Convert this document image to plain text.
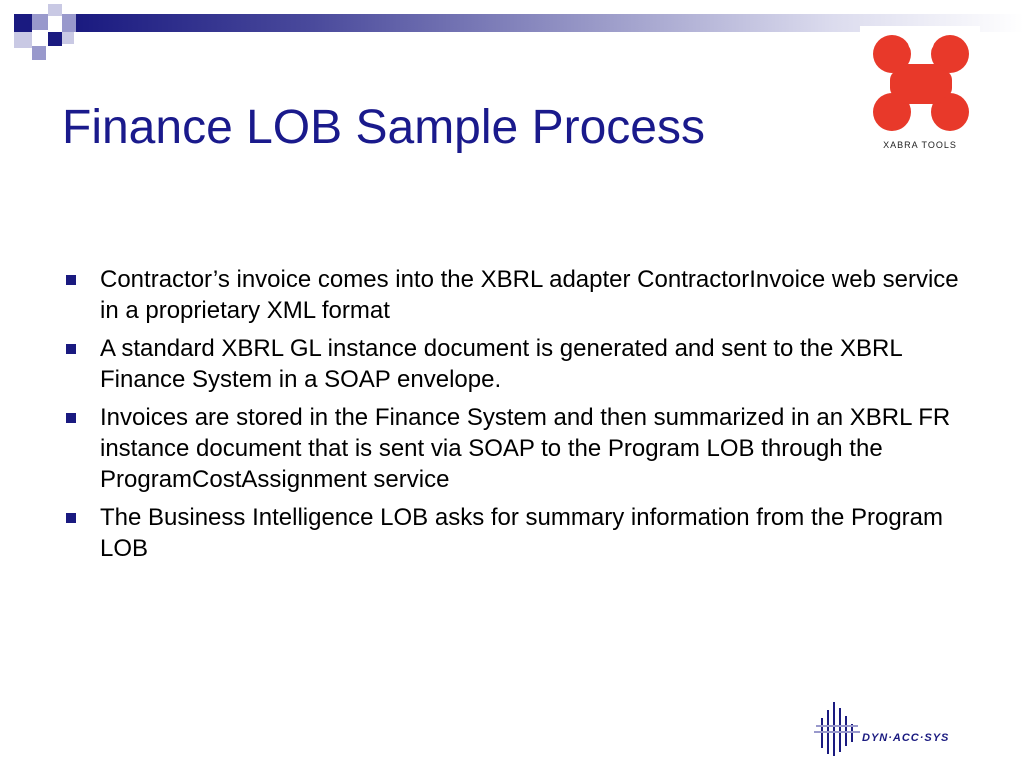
Finance LOB Sample Process	XABRA TOOLS
Contractor’s invoice comes into the XBRL adapter ContractorInvoice web service in a proprietary XML format
A standard XBRL GL instance document is generated and sent to the XBRL Finance System in a SOAP envelope.
Invoices are stored in the Finance System and then summarized in an XBRL FR instance document that is sent via SOAP to the Program LOB through the ProgramCostAssignment service
The Business Intelligence LOB asks for summary information from the Program LOB
DYN·ACC·SYS
